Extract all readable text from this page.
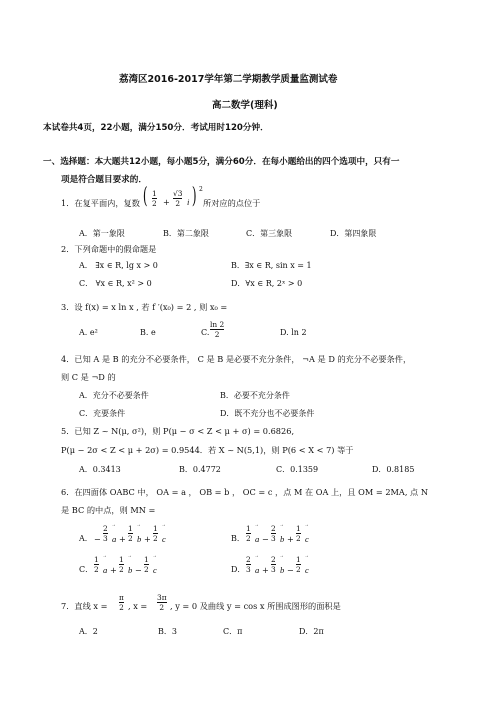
荔湾区2016-2017学年第二学期教学质量监测试卷
高二数学(理科)
本试卷共4页，22小题，满分150分．考试用时120分钟．
一、选择题：本大题共12小题，每小题5分，满分60分．在每小题给出的四个选项中，只有一
项是符合题目要求的．
1．在复平面内，复数 ( 1
2 +
√3
2 i ) 2
所对应的点位于
A．第一象限	B．第二象限	C．第三象限	D．第四象限
2．下列命题中的假命题是
A． ∃x ∈ R, lg x > 0	B．∃x ∈ R, sin x = 1
C． ∀x ∈ R, x² > 0	D．∀x ∈ R, 2ˣ > 0
3．设 f(x) = x ln x , 若 f ′(x₀) = 2 , 则 x₀ =
A. e²	B. e	C.
ln 2
2	D. ln 2
4．已知 A 是 B 的充分不必要条件， C 是 B 是必要不充分条件， ¬A 是 D 的充分不必要条件，
则 C 是 ¬D 的
A．充分不必要条件	B．必要不充分条件
C．充要条件	D．既不充分也不必要条件
5．已知 Z ~ N(μ, σ²)，则 P(μ − σ < Z < μ + σ) = 0.6826,
P(μ − 2σ < Z < μ + 2σ) = 0.9544．若 X ~ N(5,1)，则 P(6 < X < 7) 等于
A．0.3413	B．0.4772	C．0.1359	D．0.8185
6．在四面体 OABC 中， OA = a ， OB = b ， OC = c ，点 M 在 OA 上，且 OM = 2MA, 点 N
是 BC 的中点，则 MN =
A． −
2
3
→
a +
1
2
→
b +
1
2
→
c	B．
1
2
→
a −
2
3
→
b +
1
2
→
c
C．
1
2
→
a +
1
2
→
b −
1
2
→
c	D．
2
3
→
a +
2
3
→
b −
1
2
→
c
7．直线 x =
π
2 , x =
3π
2 , y = 0 及曲线 y = cos x 所围成图形的面积是
A．2	B．3	C．π	D．2π
